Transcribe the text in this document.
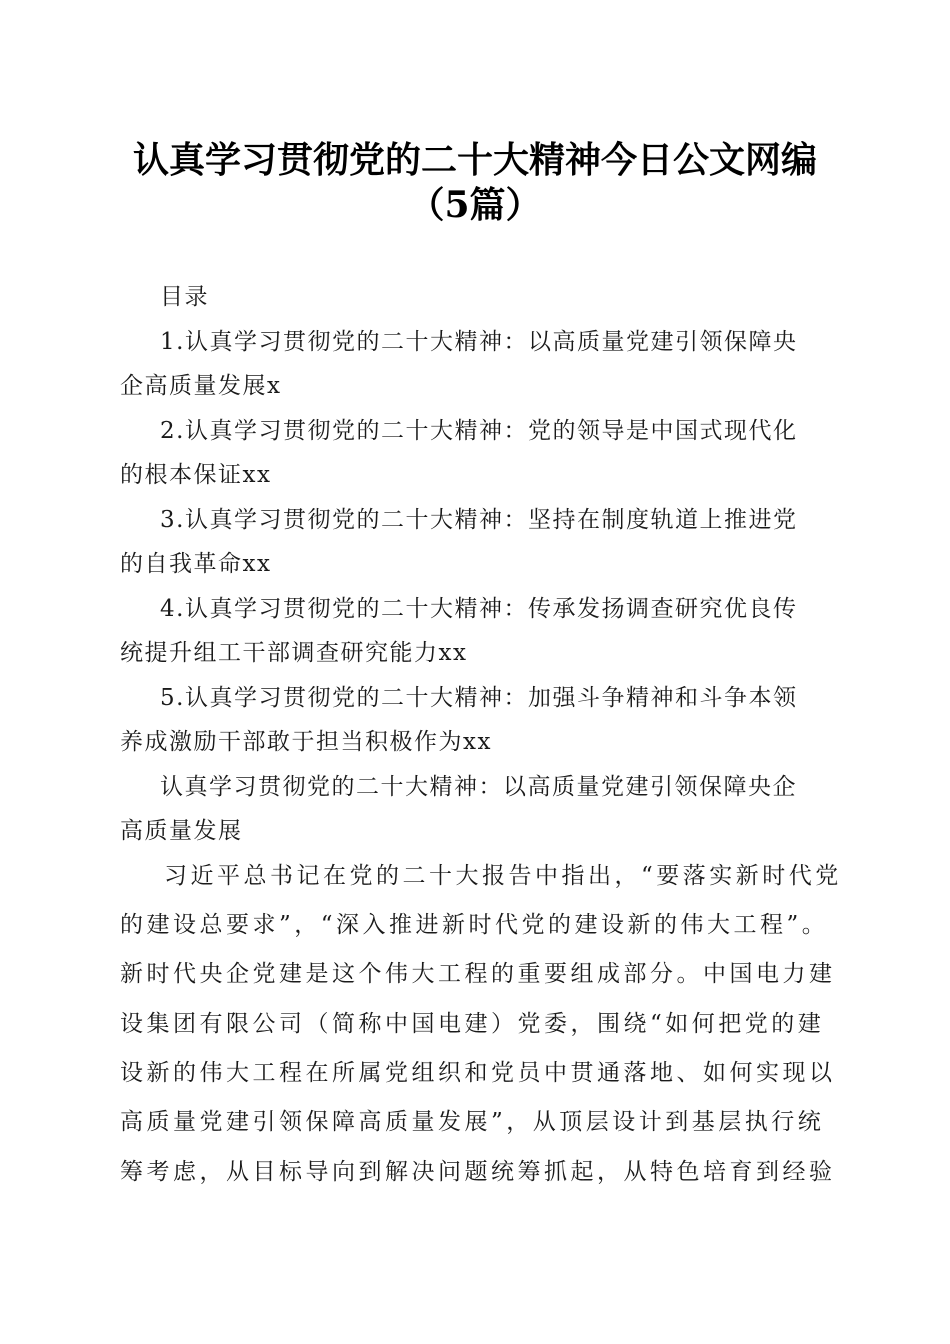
认真学习贯彻党的二十大精神今日公文网编
（5篇）
目录
1.认真学习贯彻党的二十大精神：以高质量党建引领保障央
企高质量发展x
2.认真学习贯彻党的二十大精神：党的领导是中国式现代化
的根本保证xx
3.认真学习贯彻党的二十大精神：坚持在制度轨道上推进党
的自我革命xx
4.认真学习贯彻党的二十大精神：传承发扬调查研究优良传
统提升组工干部调查研究能力xx
5.认真学习贯彻党的二十大精神：加强斗争精神和斗争本领
养成激励干部敢于担当积极作为xx
认真学习贯彻党的二十大精神：以高质量党建引领保障央企
高质量发展
习近平总书记在党的二十大报告中指出，“要落实新时代党
的建设总要求”，“深入推进新时代党的建设新的伟大工程”。
新时代央企党建是这个伟大工程的重要组成部分。中国电力建
设集团有限公司（简称中国电建）党委，围绕“如何把党的建
设新的伟大工程在所属党组织和党员中贯通落地、如何实现以
高质量党建引领保障高质量发展”，从顶层设计到基层执行统
筹考虑，从目标导向到解决问题统筹抓起，从特色培育到经验
